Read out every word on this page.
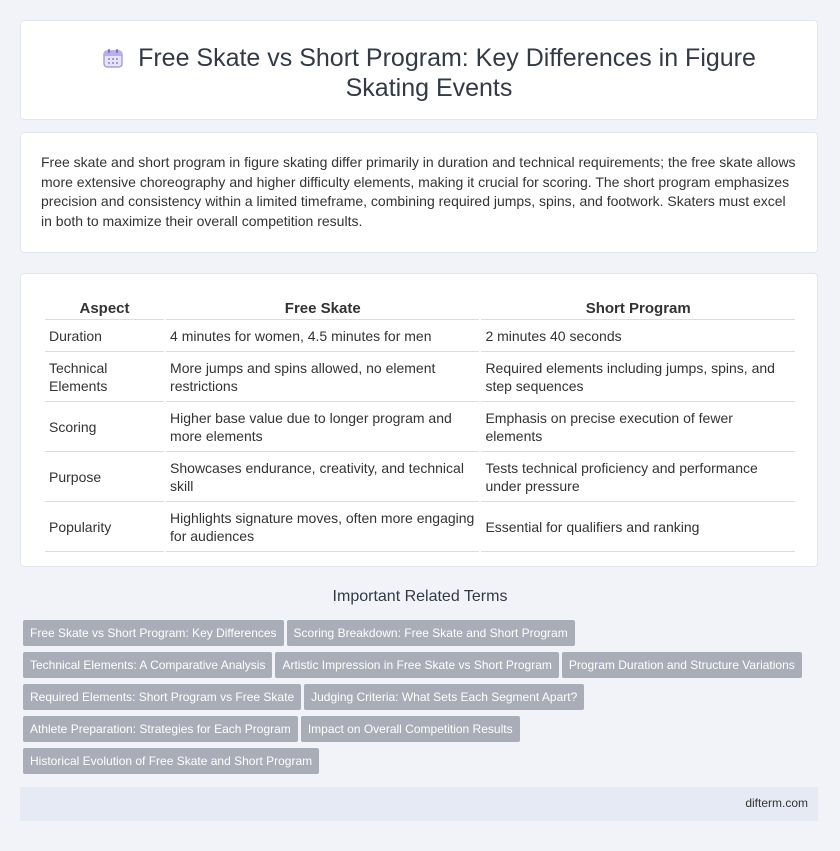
Free Skate vs Short Program: Key Differences in Figure Skating Events
Free skate and short program in figure skating differ primarily in duration and technical requirements; the free skate allows more extensive choreography and higher difficulty elements, making it crucial for scoring. The short program emphasizes precision and consistency within a limited timeframe, combining required jumps, spins, and footwork. Skaters must excel in both to maximize their overall competition results.
Aspect	Free Skate	Short Program
Duration	4 minutes for women, 4.5 minutes for men	2 minutes 40 seconds
Technical Elements	More jumps and spins allowed, no element restrictions	Required elements including jumps, spins, and step sequences
Scoring	Higher base value due to longer program and more elements	Emphasis on precise execution of fewer elements
Purpose	Showcases endurance, creativity, and technical skill	Tests technical proficiency and performance under pressure
Popularity	Highlights signature moves, often more engaging for audiences	Essential for qualifiers and ranking
Important Related Terms
Free Skate vs Short Program: Key Differences Scoring Breakdown: Free Skate and Short Program
Technical Elements: A Comparative Analysis Artistic Impression in Free Skate vs Short Program Program Duration and Structure Variations
Required Elements: Short Program vs Free Skate Judging Criteria: What Sets Each Segment Apart?
Athlete Preparation: Strategies for Each Program Impact on Overall Competition Results
Historical Evolution of Free Skate and Short Program
difterm.com
